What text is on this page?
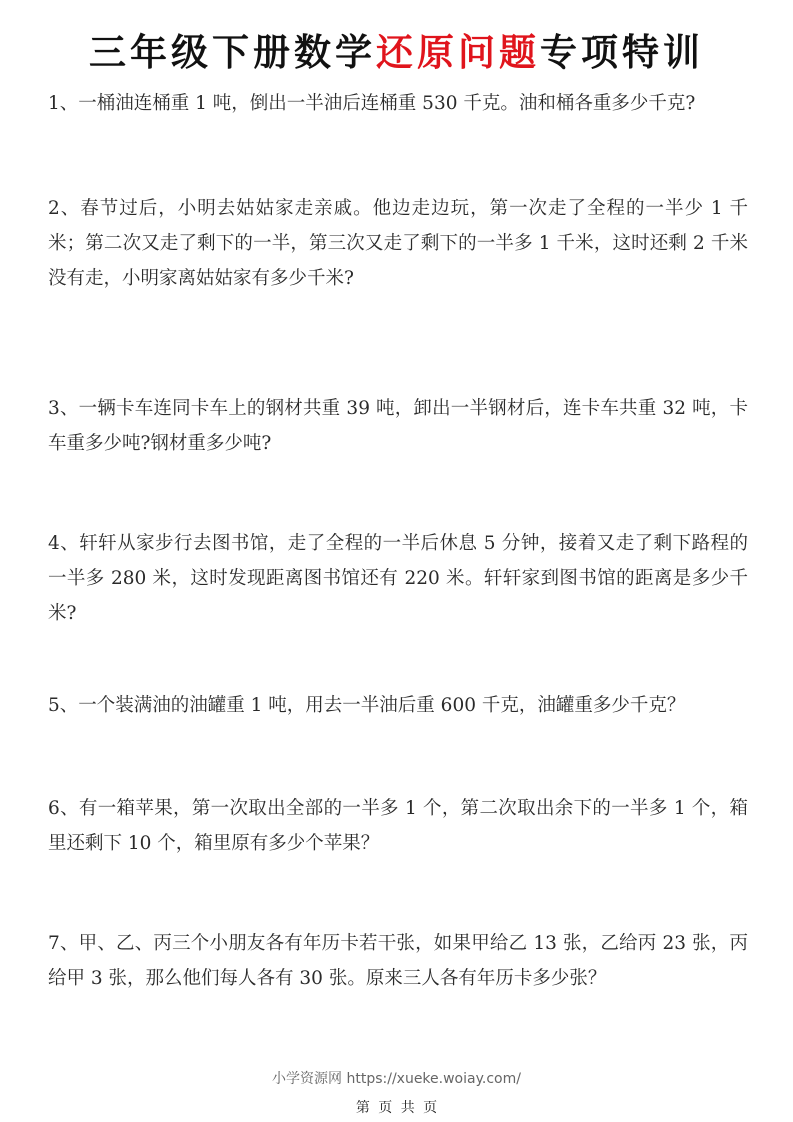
三年级下册数学还原问题专项特训
1、一桶油连桶重 1 吨，倒出一半油后连桶重 530 千克。油和桶各重多少千克?
2、春节过后，小明去姑姑家走亲戚。他边走边玩，第一次走了全程的一半少 1 千米；第二次又走了剩下的一半，第三次又走了剩下的一半多 1 千米，这时还剩 2 千米没有走，小明家离姑姑家有多少千米?
3、一辆卡车连同卡车上的钢材共重 39 吨，卸出一半钢材后，连卡车共重 32 吨，卡车重多少吨?钢材重多少吨?
4、轩轩从家步行去图书馆，走了全程的一半后休息 5 分钟，接着又走了剩下路程的一半多 280 米，这时发现距离图书馆还有 220 米。轩轩家到图书馆的距离是多少千米?
5、一个装满油的油罐重 1 吨，用去一半油后重 600 千克，油罐重多少千克？
6、有一箱苹果，第一次取出全部的一半多 1 个，第二次取出余下的一半多 1 个，箱里还剩下 10 个，箱里原有多少个苹果？
7、甲、乙、丙三个小朋友各有年历卡若干张，如果甲给乙 13 张，乙给丙 23 张，丙给甲 3 张，那么他们每人各有 30 张。原来三人各有年历卡多少张？
小学资源网 https://xueke.woiay.com/
第 页 共 页
